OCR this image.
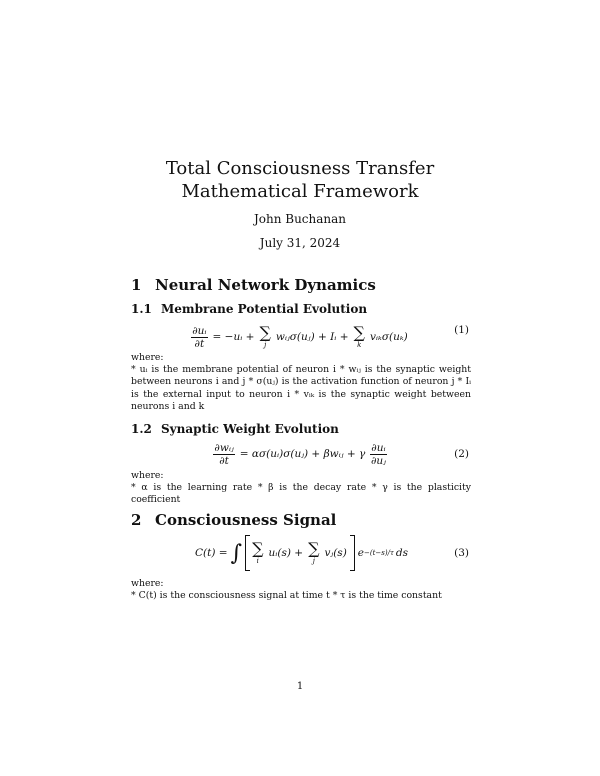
Total Consciousness Transfer Mathematical Framework
John Buchanan
July 31, 2024
1 Neural Network Dynamics
1.1 Membrane Potential Evolution
$\frac{\text{∂uᵢ}}{\partial t}$ = −uᵢ + ∑
j
wᵢⱼσ(uⱼ) + Iᵢ + ∑
k
vᵢₖσ(uₖ)
(1)
where:
* uᵢ is the membrane potential of neuron i * wᵢⱼ is the synaptic weight between neurons i and j * σ(uⱼ) is the activation function of neuron j * Iᵢ is the external input to neuron i * vᵢₖ is the synaptic weight between neurons i and k
1.2 Synaptic Weight Evolution
$\frac{\text{∂wᵢⱼ}}{\partial t}$ = ασ(uᵢ)σ(uⱼ) + βwᵢⱼ + γ $\frac{\text{∂uᵢ}}{\text{∂uⱼ}}$	(2)
where:
* α is the learning rate * β is the decay rate * γ is the plasticity coefficient
2 Consciousness Signal
C(t) = ∫ ∑
i
uᵢ(s) + ∑
j
vⱼ(s) e −(t−s)/τ ds	(3)
where:
* C(t) is the consciousness signal at time t * τ is the time constant
1
